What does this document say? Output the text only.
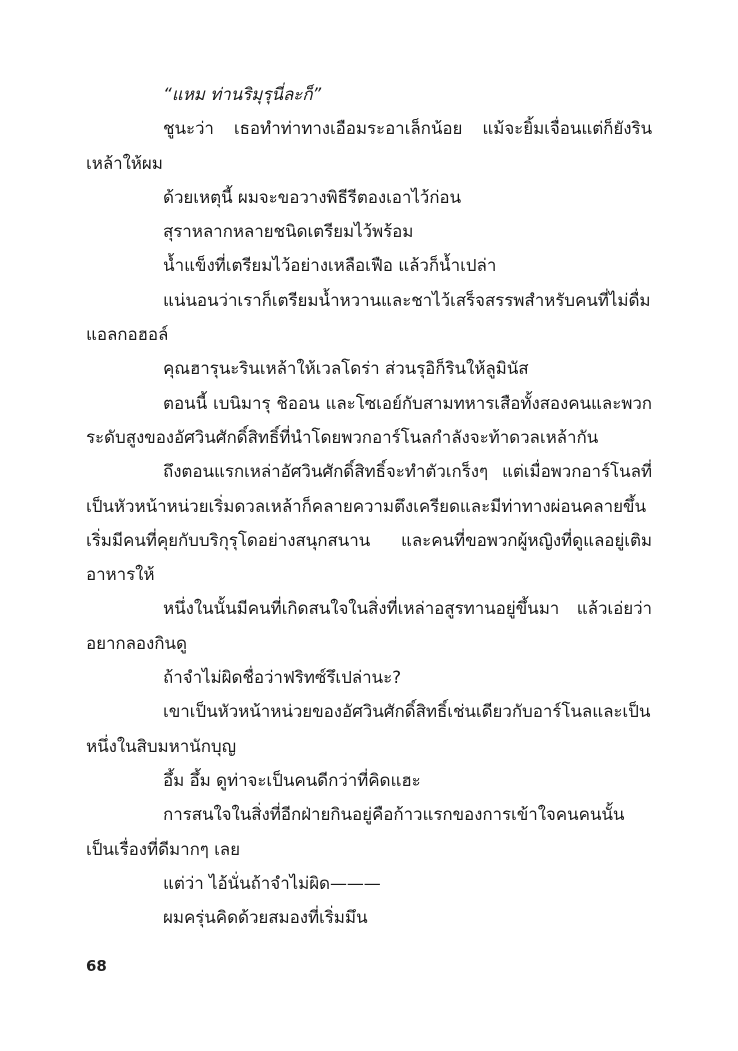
“แหม ท่านริมุรุนี่ละก็”

ชูนะว่า เธอทำท่าทางเอือมระอาเล็กน้อย แม้จะยิ้มเจื่อนแต่ก็ยังรินเหล้าให้ผม

ด้วยเหตุนี้ ผมจะขอวางพิธีรีตองเอาไว้ก่อน

สุราหลากหลายชนิดเตรียมไว้พร้อม

น้ำแข็งที่เตรียมไว้อย่างเหลือเฟือ แล้วก็น้ำเปล่า

แน่นอนว่าเราก็เตรียมน้ำหวานและชาไว้เสร็จสรรพสำหรับคนที่ไม่ดื่มแอลกอฮอล์

คุณฮารุนะรินเหล้าให้เวลโดร่า ส่วนรุอิก็รินให้ลูมินัส

ตอนนี้ เบนิมารุ ชิออน และโซเอย์กับสามทหารเสือทั้งสองคนและพวกระดับสูงของอัศวินศักดิ์สิทธิ์ที่นำโดยพวกอาร์โนลกำลังจะท้าดวลเหล้ากัน

ถึงตอนแรกเหล่าอัศวินศักดิ์สิทธิ์จะทำตัวเกร็งๆ แต่เมื่อพวกอาร์โนลที่เป็นหัวหน้าหน่วยเริ่มดวลเหล้าก็คลายความตึงเครียดและมีท่าทางผ่อนคลายขึ้น เริ่มมีคนที่คุยกับบริกุรุโดอย่างสนุกสนาน และคนที่ขอพวกผู้หญิงที่ดูแลอยู่เติมอาหารให้

หนึ่งในนั้นมีคนที่เกิดสนใจในสิ่งที่เหล่าอสูรทานอยู่ขึ้นมา แล้วเอ่ยว่าอยากลองกินดู

ถ้าจำไม่ผิดชื่อว่าฟริทซ์รึเปล่านะ?

เขาเป็นหัวหน้าหน่วยของอัศวินศักดิ์สิทธิ์เช่นเดียวกับอาร์โนลและเป็นหนึ่งในสิบมหานักบุญ

อึ้ม อึ้ม ดูท่าจะเป็นคนดีกว่าที่คิดแฮะ

การสนใจในสิ่งที่อีกฝ่ายกินอยู่คือก้าวแรกของการเข้าใจคนคนนั้นเป็นเรื่องที่ดีมากๆ เลย

แต่ว่า ไอ้นั่นถ้าจำไม่ผิด———

ผมครุ่นคิดด้วยสมองที่เริ่มมึน

68
